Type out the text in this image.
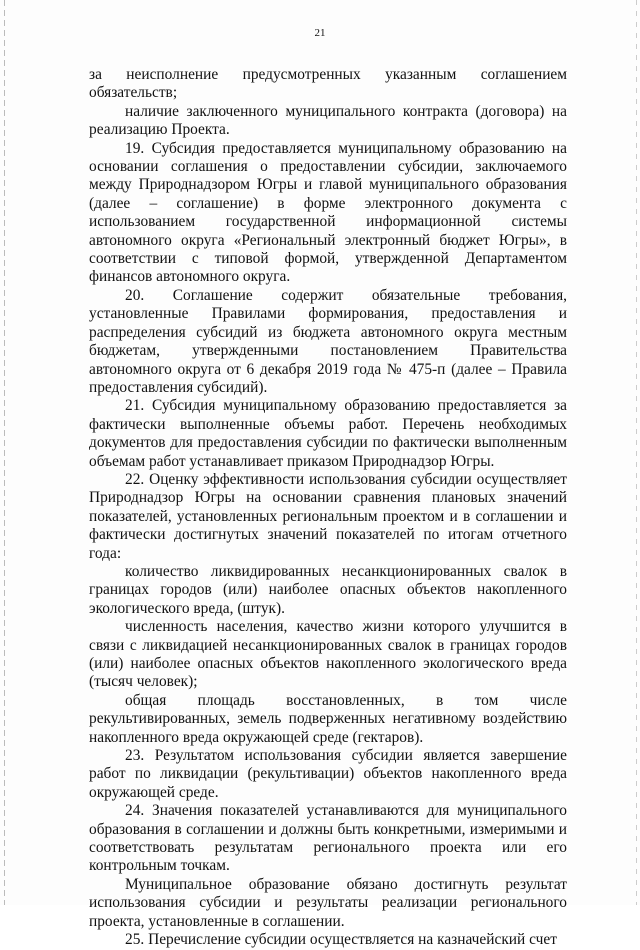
21

за неисполнение предусмотренных указанным соглашением обязательств;

наличие заключенного муниципального контракта (договора) на реализацию Проекта.

19. Субсидия предоставляется муниципальному образованию на основании соглашения о предоставлении субсидии, заключаемого между Природнадзором Югры и главой муниципального образования (далее – соглашение) в форме электронного документа с использованием государственной информационной системы автономного округа «Региональный электронный бюджет Югры», в соответствии с типовой формой, утвержденной Департаментом финансов автономного округа.

20. Соглашение содержит обязательные требования, установленные Правилами формирования, предоставления и распределения субсидий из бюджета автономного округа местным бюджетам, утвержденными постановлением Правительства автономного округа от 6 декабря 2019 года № 475-п (далее – Правила предоставления субсидий).

21. Субсидия муниципальному образованию предоставляется за фактически выполненные объемы работ. Перечень необходимых документов для предоставления субсидии по фактически выполненным объемам работ устанавливает приказом Природнадзор Югры.

22. Оценку эффективности использования субсидии осуществляет Природнадзор Югры на основании сравнения плановых значений показателей, установленных региональным проектом и в соглашении и фактически достигнутых значений показателей по итогам отчетного года:

количество ликвидированных несанкционированных свалок в границах городов (или) наиболее опасных объектов накопленного экологического вреда, (штук).

численность населения, качество жизни которого улучшится в связи с ликвидацией несанкционированных свалок в границах городов (или) наиболее опасных объектов накопленного экологического вреда (тысяч человек);

общая площадь восстановленных, в том числе рекультивированных, земель подверженных негативному воздействию накопленного вреда окружающей среде (гектаров).

23. Результатом использования субсидии является завершение работ по ликвидации (рекультивации) объектов накопленного вреда окружающей среде.

24. Значения показателей устанавливаются для муниципального образования в соглашении и должны быть конкретными, измеримыми и соответствовать результатам регионального проекта или его контрольным точкам.

Муниципальное образование обязано достигнуть результат использования субсидии и результаты реализации регионального проекта, установленные в соглашении.

25. Перечисление субсидии осуществляется на казначейский счет
